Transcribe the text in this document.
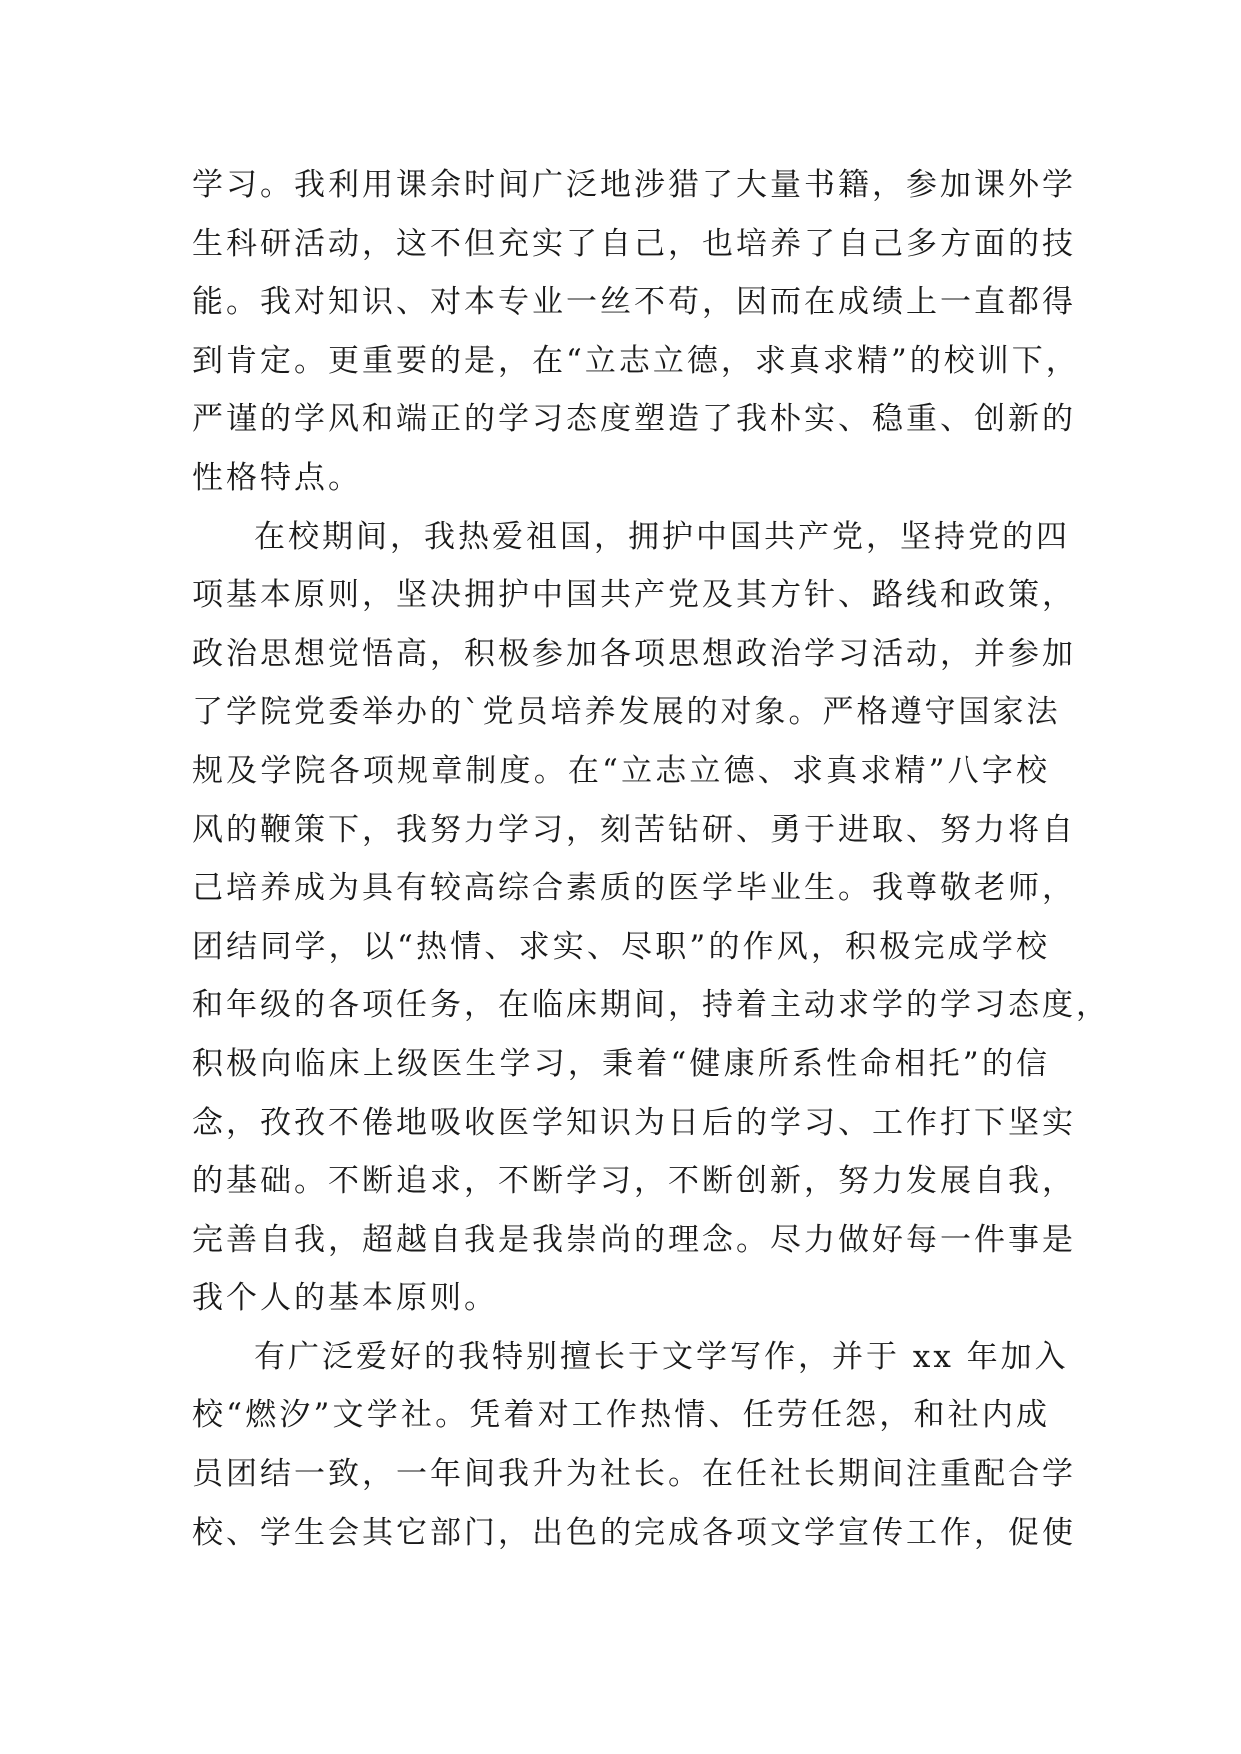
学习。我利用课余时间广泛地涉猎了大量书籍，参加课外学
生科研活动，这不但充实了自己，也培养了自己多方面的技
能。我对知识、对本专业一丝不苟，因而在成绩上一直都得
到肯定。更重要的是，在“立志立德，求真求精”的校训下，
严谨的学风和端正的学习态度塑造了我朴实、稳重、创新的
性格特点。
在校期间，我热爱祖国，拥护中国共产党，坚持党的四
项基本原则，坚决拥护中国共产党及其方针、路线和政策，
政治思想觉悟高，积极参加各项思想政治学习活动，并参加
了学院党委举办的`党员培养发展的对象。严格遵守国家法
规及学院各项规章制度。在“立志立德、求真求精”八字校
风的鞭策下，我努力学习，刻苦钻研、勇于进取、努力将自
己培养成为具有较高综合素质的医学毕业生。我尊敬老师，
团结同学，以“热情、求实、尽职”的作风，积极完成学校
和年级的各项任务，在临床期间，持着主动求学的学习态度，
积极向临床上级医生学习，秉着“健康所系性命相托”的信
念，孜孜不倦地吸收医学知识为日后的学习、工作打下坚实
的基础。不断追求，不断学习，不断创新，努力发展自我，
完善自我，超越自我是我崇尚的理念。尽力做好每一件事是
我个人的基本原则。
有广泛爱好的我特别擅长于文学写作，并于 xx 年加入
校“燃汐”文学社。凭着对工作热情、任劳任怨，和社内成
员团结一致，一年间我升为社长。在任社长期间注重配合学
校、学生会其它部门，出色的完成各项文学宣传工作，促使
